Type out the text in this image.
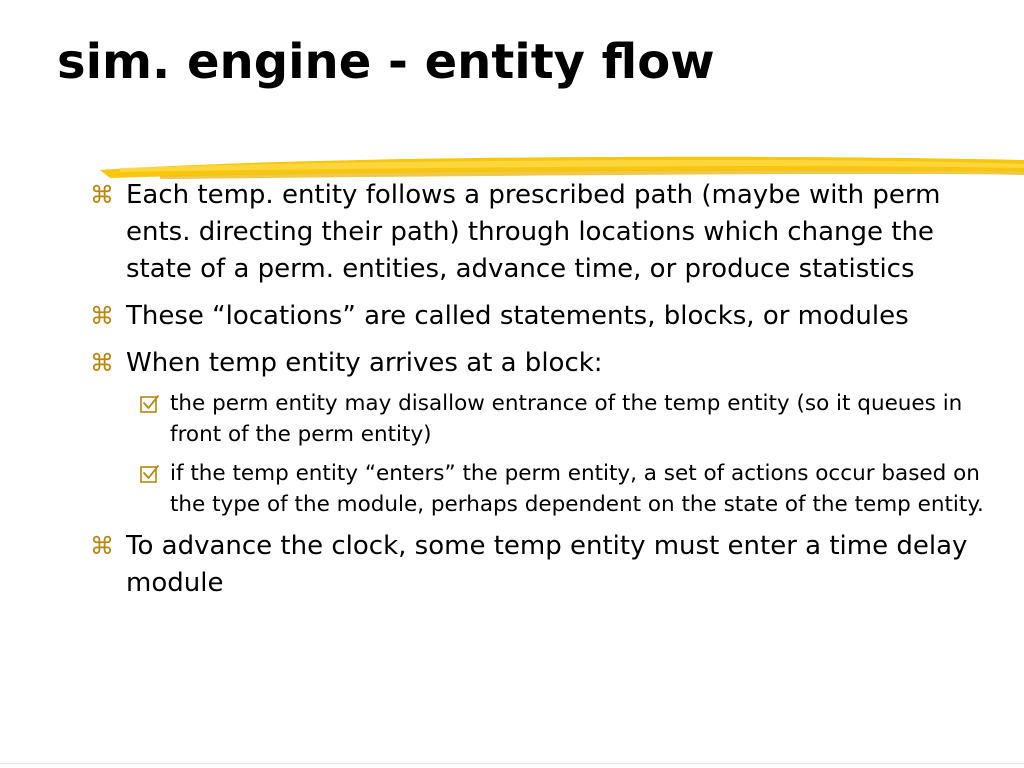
sim. engine - entity flow
⌘ Each temp. entity follows a prescribed path (maybe with perm ents. directing their path) through locations which change the state of a perm. entities, advance time, or produce statistics
⌘ These “locations” are called statements, blocks, or modules
⌘ When temp entity arrives at a block:
the perm entity may disallow entrance of the temp entity (so it queues in front of the perm entity)
if the temp entity “enters” the perm entity, a set of actions occur based on the type of the module, perhaps dependent on the state of the temp entity.
⌘ To advance the clock, some temp entity must enter a time delay module
